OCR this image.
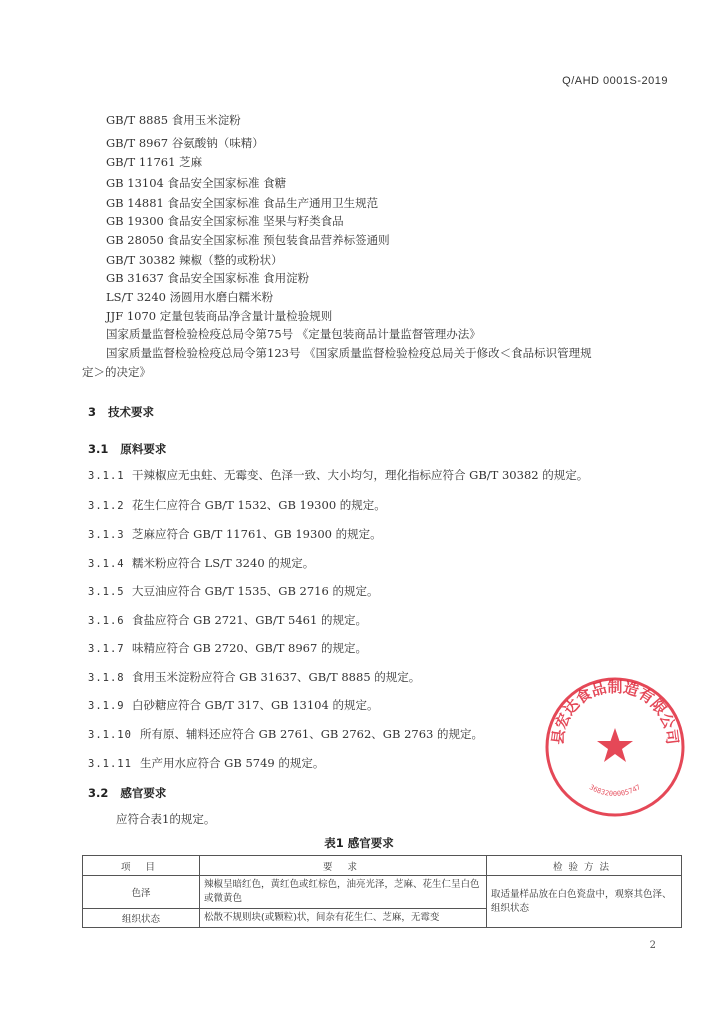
Q/AHD 0001S-2019
GB/T 8885 食用玉米淀粉
GB/T 8967 谷氨酸钠（味精）
GB/T 11761 芝麻
GB 13104 食品安全国家标准 食糖
GB 14881 食品安全国家标准 食品生产通用卫生规范
GB 19300 食品安全国家标准 坚果与籽类食品
GB 28050 食品安全国家标准 预包装食品营养标签通则
GB/T 30382 辣椒（整的或粉状）
GB 31637 食品安全国家标准 食用淀粉
LS/T 3240 汤圆用水磨白糯米粉
JJF 1070 定量包装商品净含量计量检验规则
国家质量监督检验检疫总局令第75号 《定量包装商品计量监督管理办法》
国家质量监督检验检疫总局令第123号 《国家质量监督检验检疫总局关于修改＜食品标识管理规
定＞的决定》
3 技术要求
3.1 原料要求
3.1.1 干辣椒应无虫蛀、无霉变、色泽一致、大小均匀，理化指标应符合 GB/T 30382 的规定。
3.1.2 花生仁应符合 GB/T 1532、GB 19300 的规定。
3.1.3 芝麻应符合 GB/T 11761、GB 19300 的规定。
3.1.4 糯米粉应符合 LS/T 3240 的规定。
3.1.5 大豆油应符合 GB/T 1535、GB 2716 的规定。
3.1.6 食盐应符合 GB 2721、GB/T 5461 的规定。
3.1.7 味精应符合 GB 2720、GB/T 8967 的规定。
3.1.8 食用玉米淀粉应符合 GB 31637、GB/T 8885 的规定。
3.1.9 白砂糖应符合 GB/T 317、GB 13104 的规定。
3.1.10 所有原、辅料还应符合 GB 2761、GB 2762、GB 2763 的规定。
3.1.11 生产用水应符合 GB 5749 的规定。
3.2 感官要求
应符合表1的规定。
表1 感官要求
项 目	要 求	检验方法
色泽	辣椒呈暗红色，黄红色或红棕色，油亮光泽，芝麻、花生仁呈白色或微黄色	取适量样品放在白色瓷盘中，观察其色泽、组织状态
组织状态	松散不规则块(或颗粒)状，间杂有花生仁、芝麻，无霉变	
2
县宏达食品制造有限公司
3683200005747
